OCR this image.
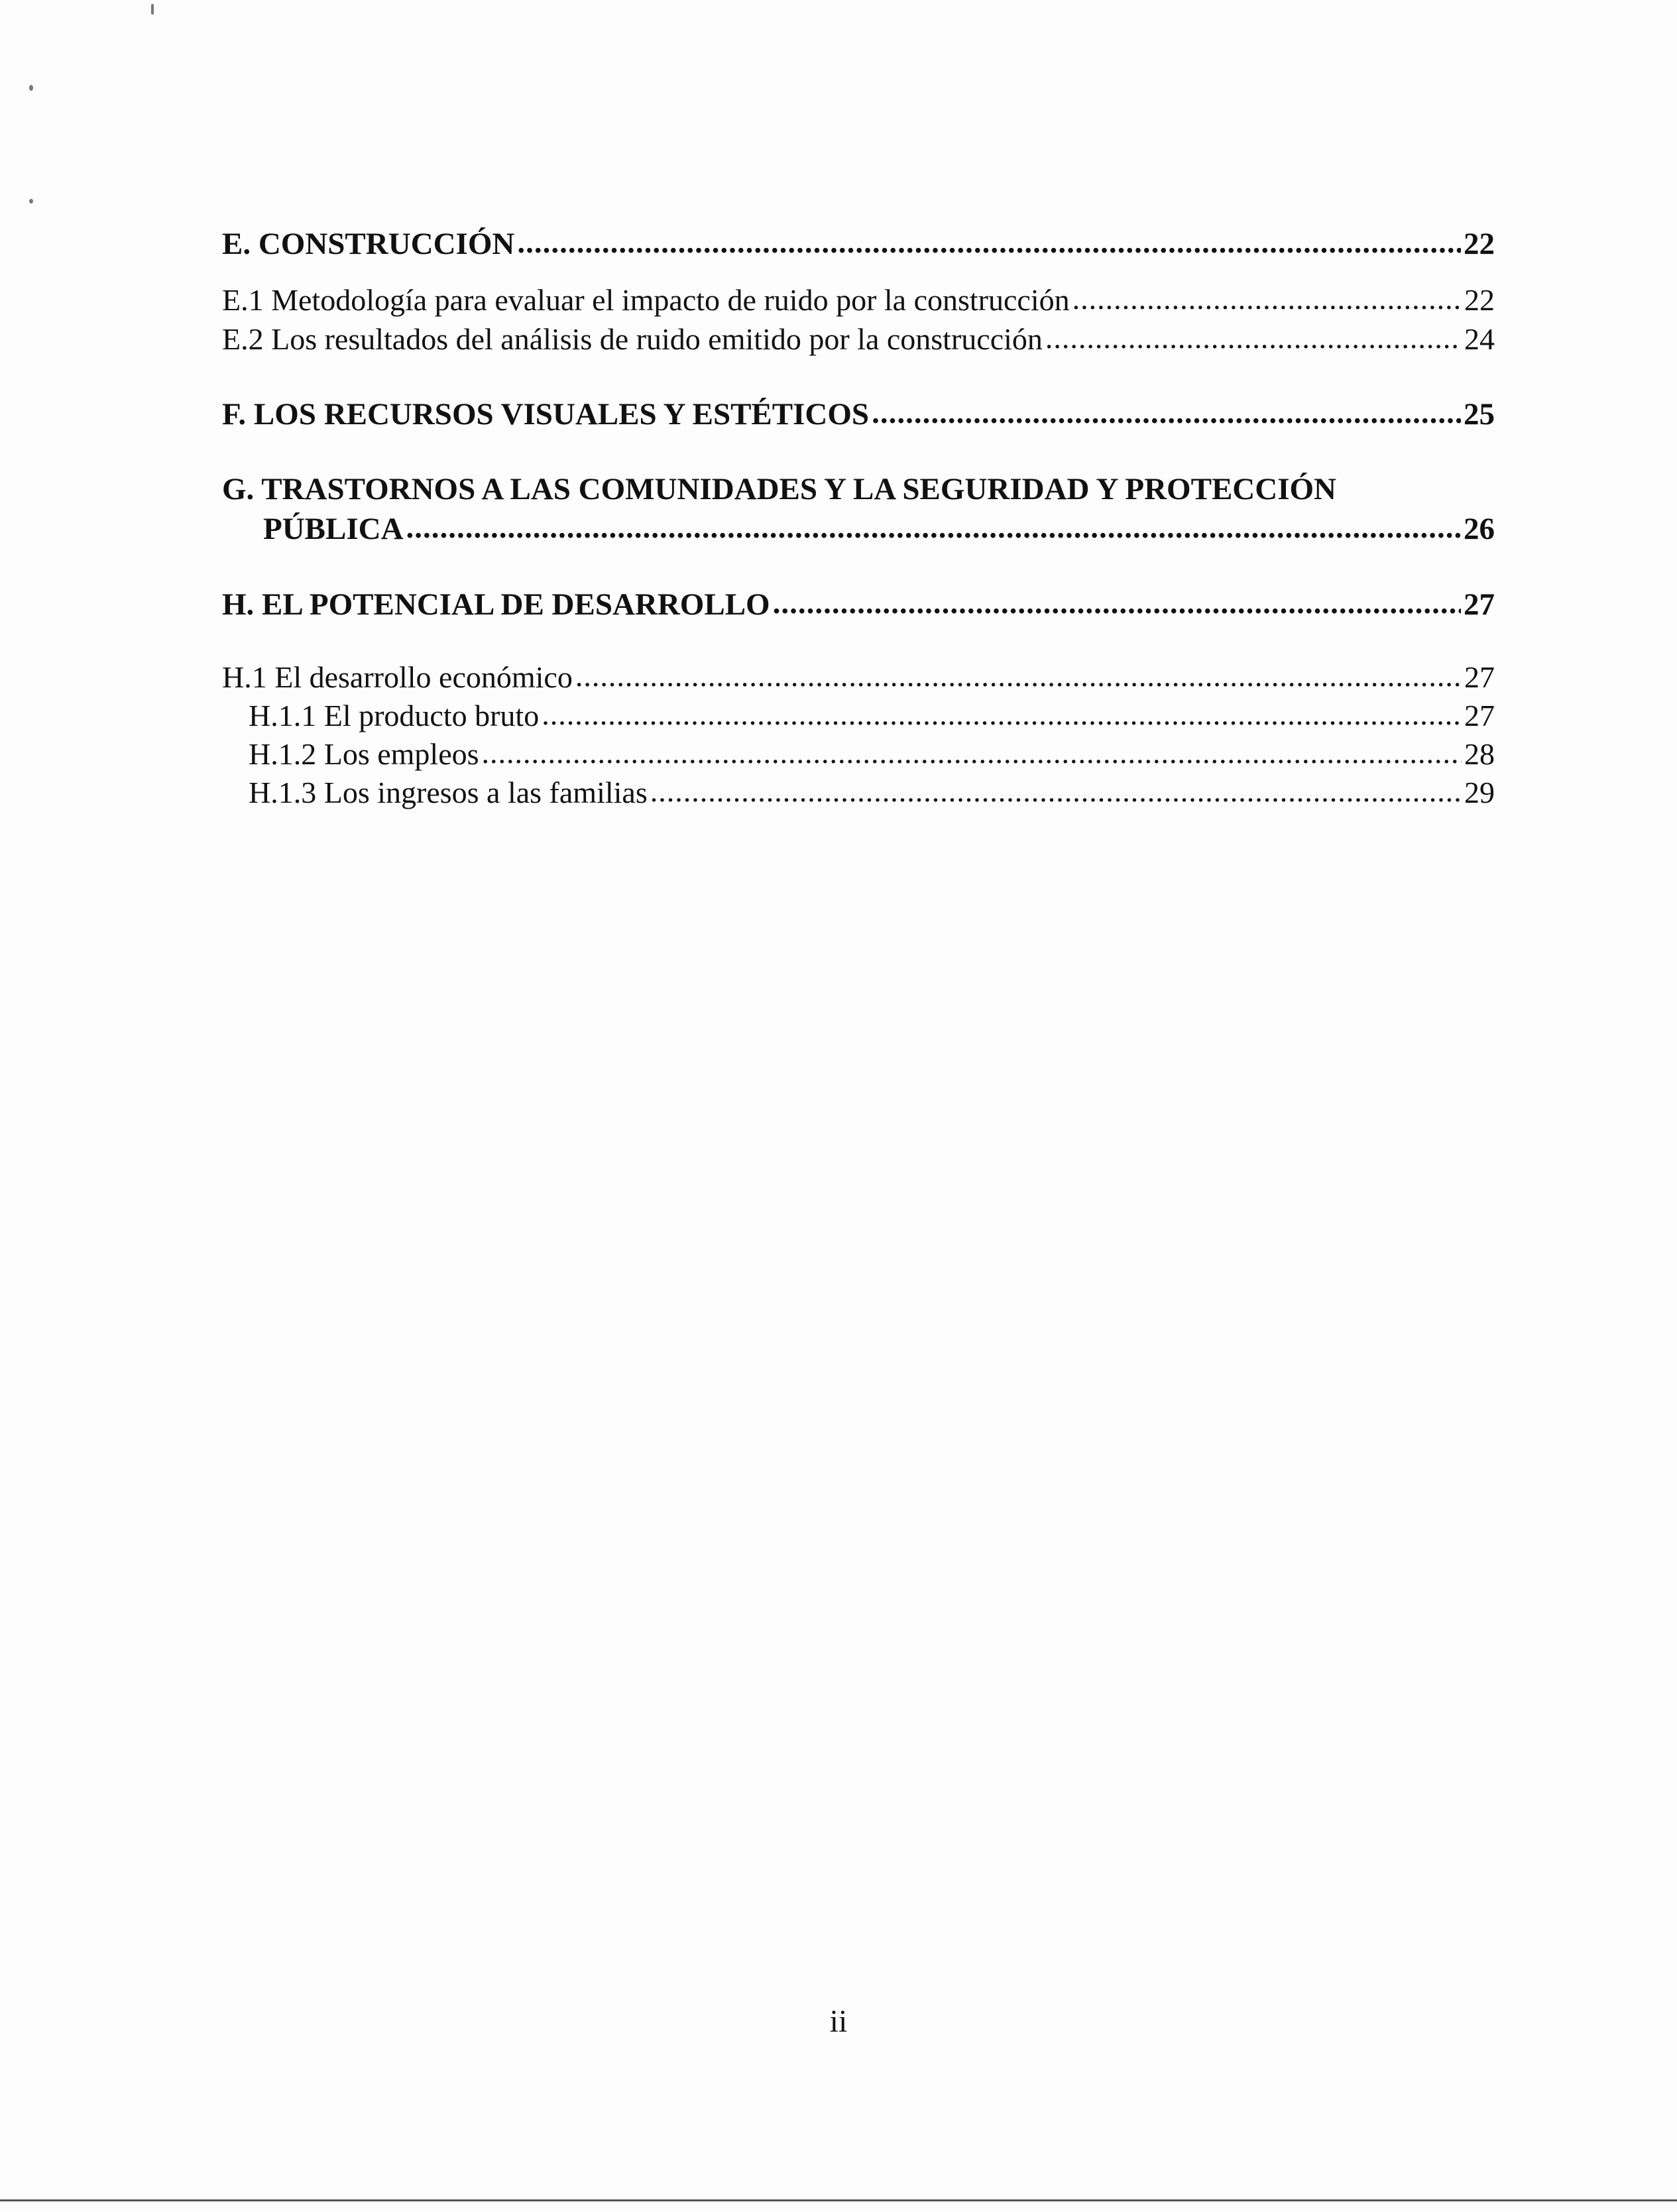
E. CONSTRUCCIÓN .....	22
E.1 Metodología para evaluar el impacto de ruido por la construcción .....	22
E.2 Los resultados del análisis de ruido emitido por la construcción .....	24
F. LOS RECURSOS VISUALES Y ESTÉTICOS .....	25
G. TRASTORNOS A LAS COMUNIDADES Y LA SEGURIDAD Y PROTECCIÓN
PÚBLICA .....	26
H. EL POTENCIAL DE DESARROLLO .....	27
H.1 El desarrollo económico .....	27
H.1.1 El producto bruto .....	27
H.1.2 Los empleos .....	28
H.1.3 Los ingresos a las familias .....	29
ii
